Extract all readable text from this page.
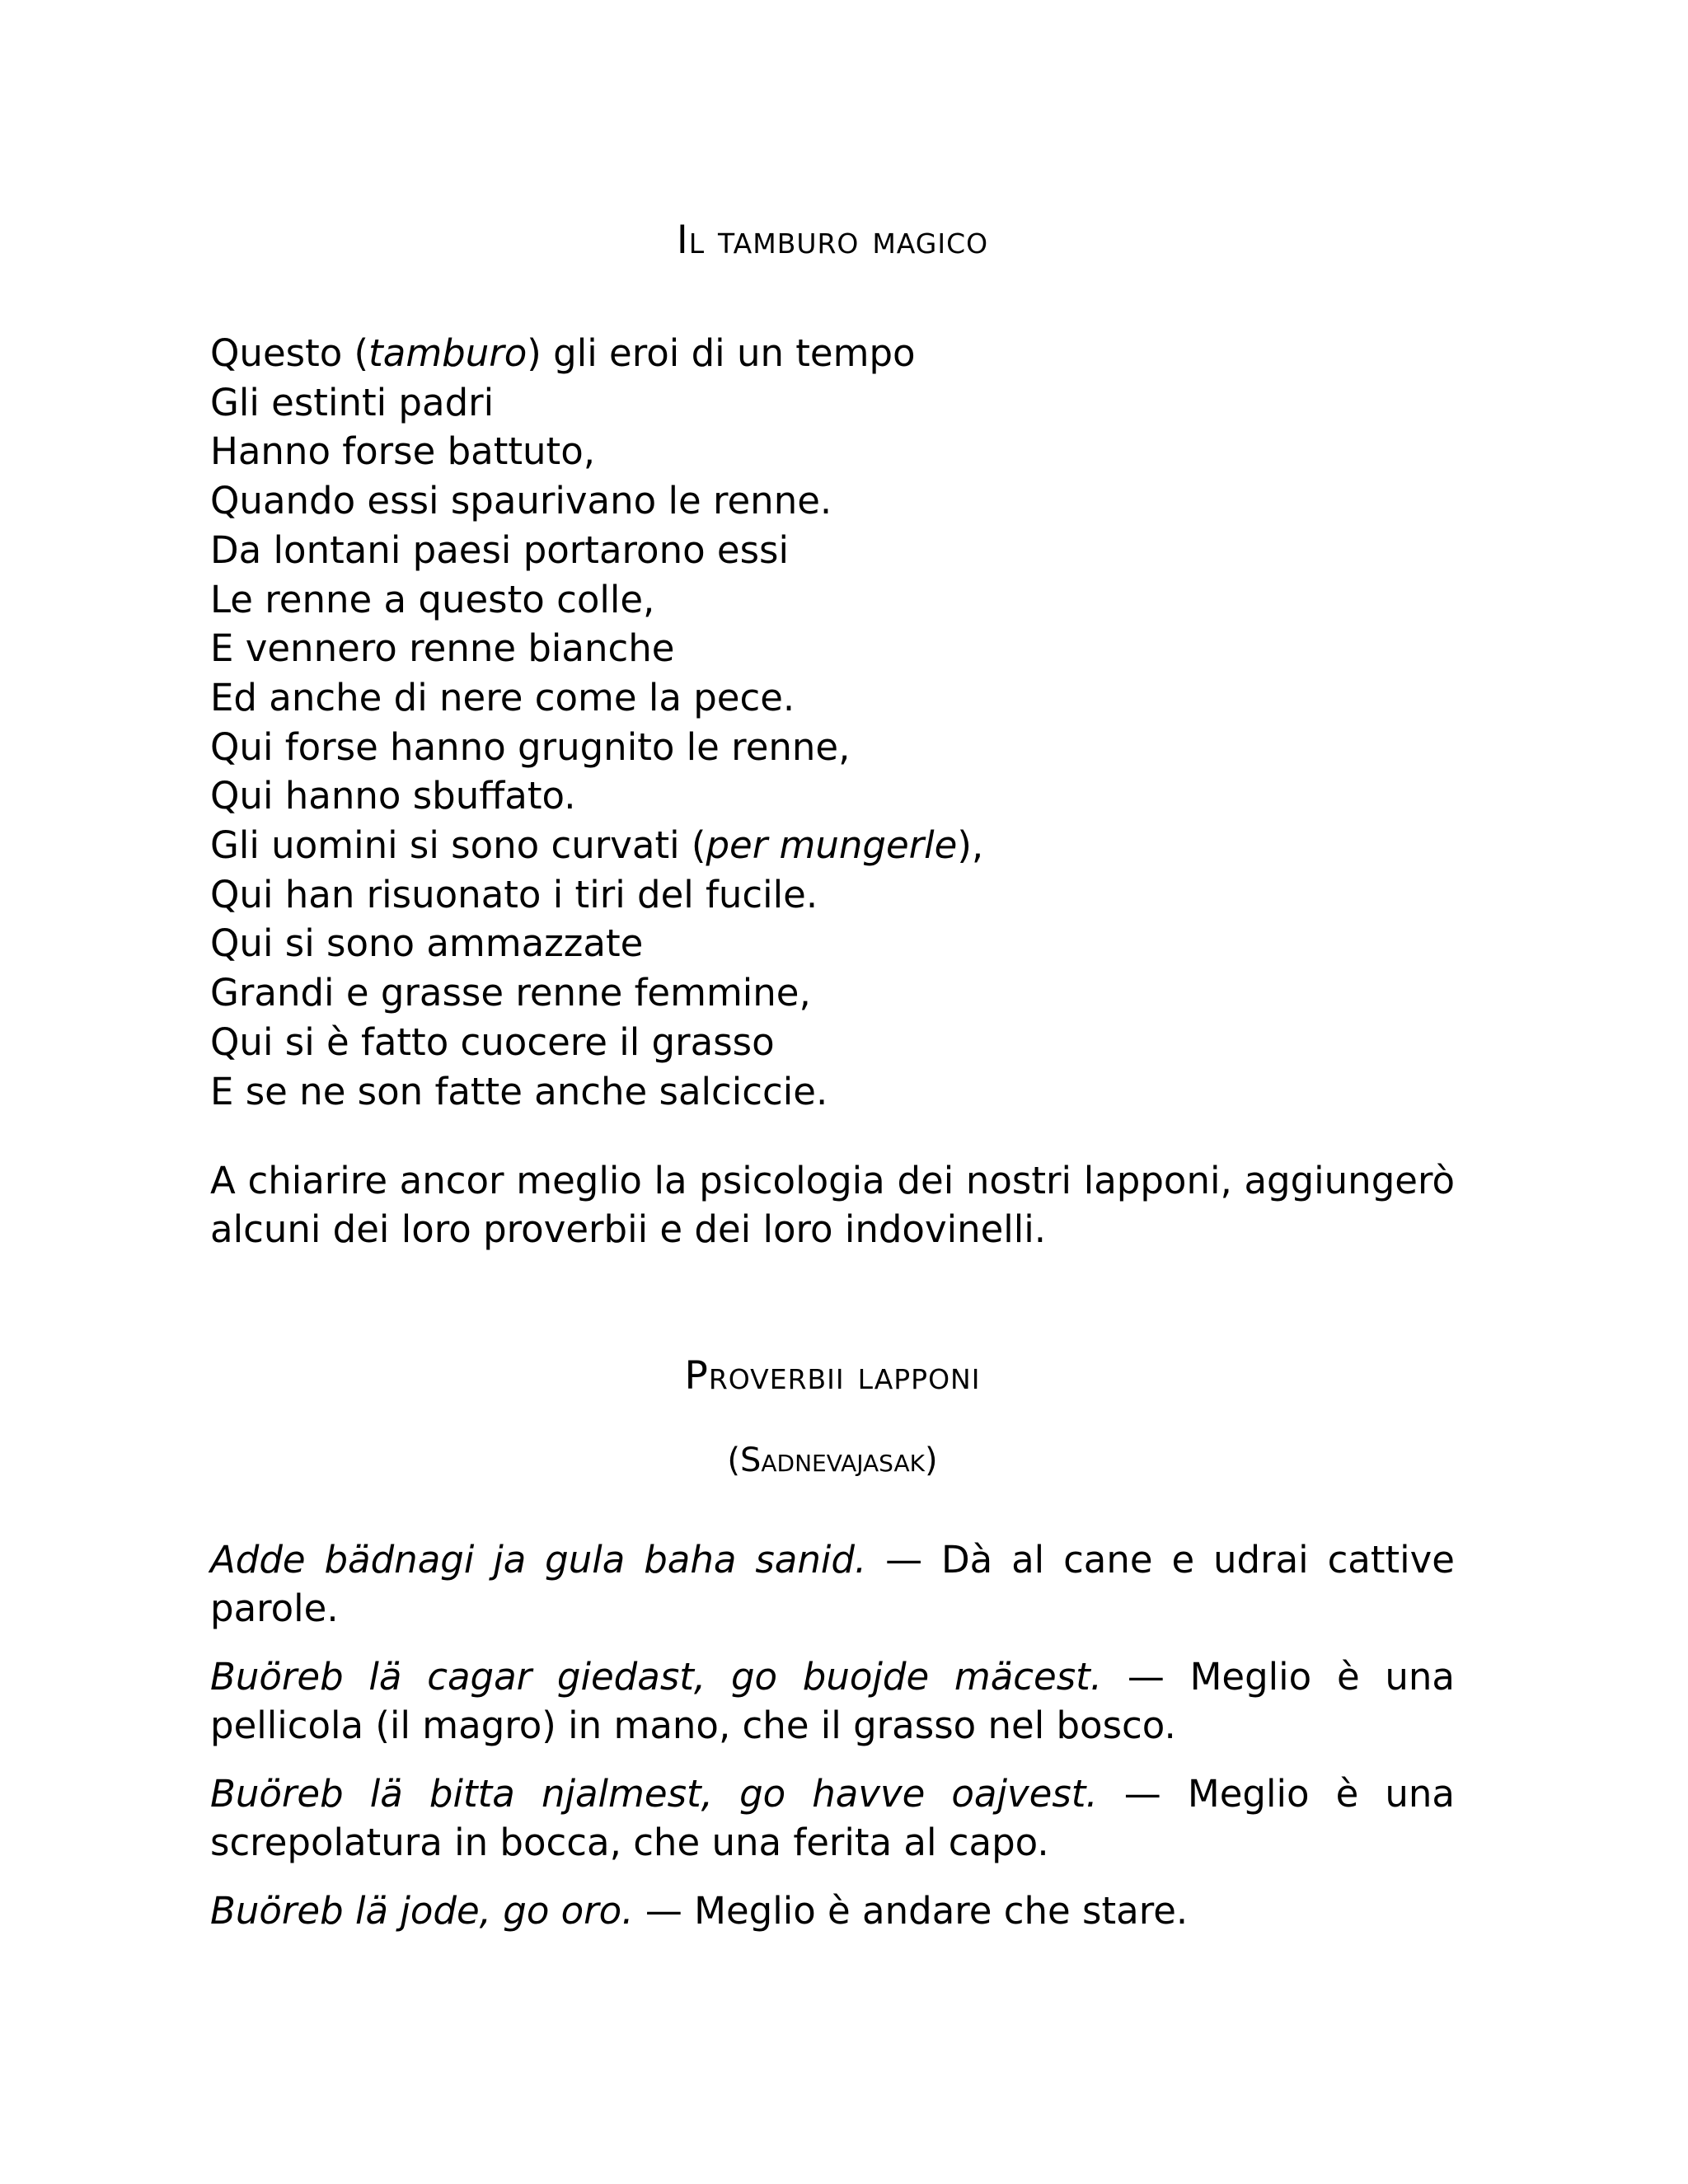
Il tamburo magico
Questo (tamburo) gli eroi di un tempo
Gli estinti padri
Hanno forse battuto,
Quando essi spaurivano le renne.
Da lontani paesi portarono essi
Le renne a questo colle,
E vennero renne bianche
Ed anche di nere come la pece.
Qui forse hanno grugnito le renne,
Qui hanno sbuffato.
Gli uomini si sono curvati (per mungerle),
Qui han risuonato i tiri del fucile.
Qui si sono ammazzate
Grandi e grasse renne femmine,
Qui si è fatto cuocere il grasso
E se ne son fatte anche salciccie.

A chiarire ancor meglio la psicologia dei nostri lapponi, aggiungerò alcuni dei loro proverbii e dei loro indovinelli.

Proverbii lapponi

(Sadnevajasak)

Adde bädnagi ja gula baha sanid. — Dà al cane e udrai cattive parole.

Buöreb lä cagar giedast, go buojde mäcest. — Meglio è una pellicola (il magro) in mano, che il grasso nel bosco.

Buöreb lä bitta njalmest, go havve oajvest. — Meglio è una screpolatura in bocca, che una ferita al capo.

Buöreb lä jode, go oro. — Meglio è andare che stare.
